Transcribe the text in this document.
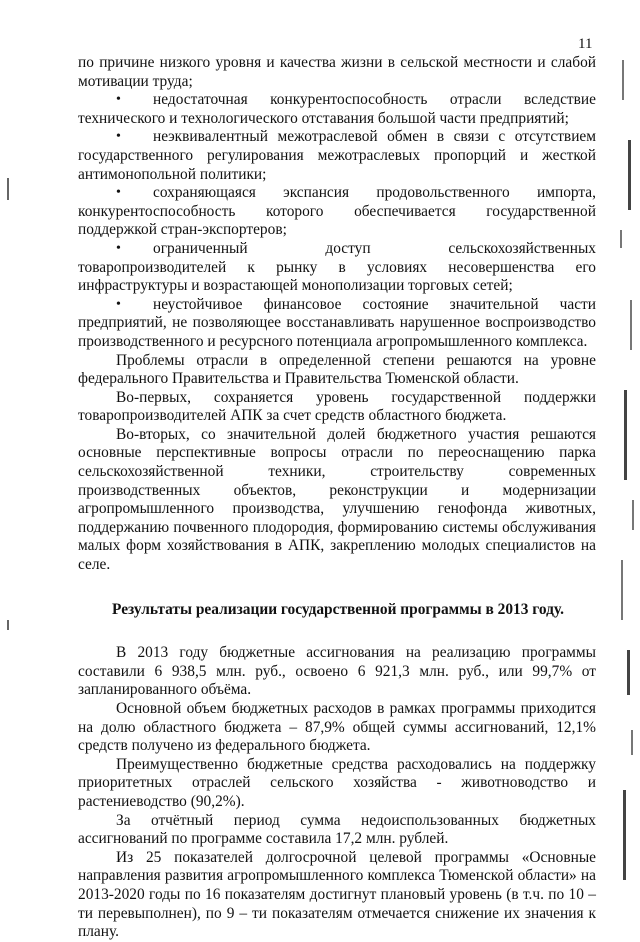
11

по причине низкого уровня и качества жизни в сельской местности и слабой мотивации труда;

• недостаточная конкурентоспособность отрасли вследствие технического и технологического отставания большой части предприятий;

• неэквивалентный межотраслевой обмен в связи с отсутствием государственного регулирования межотраслевых пропорций и жесткой антимонопольной политики;

• сохраняющаяся экспансия продовольственного импорта, конкурентоспособность которого обеспечивается государственной поддержкой стран-экспортеров;

• ограниченный доступ сельскохозяйственных товаропроизводителей к рынку в условиях несовершенства его инфраструктуры и возрастающей монополизации торговых сетей;

• неустойчивое финансовое состояние значительной части предприятий, не позволяющее восстанавливать нарушенное воспроизводство производственного и ресурсного потенциала агропромышленного комплекса.

Проблемы отрасли в определенной степени решаются на уровне федерального Правительства и Правительства Тюменской области.

Во-первых, сохраняется уровень государственной поддержки товаропроизводителей АПК за счет средств областного бюджета.

Во-вторых, со значительной долей бюджетного участия решаются основные перспективные вопросы отрасли по переоснащению парка сельскохозяйственной техники, строительству современных производственных объектов, реконструкции и модернизации агропромышленного производства, улучшению генофонда животных, поддержанию почвенного плодородия, формированию системы обслуживания малых форм хозяйствования в АПК, закреплению молодых специалистов на селе.

Результаты реализации государственной программы в 2013 году.

В 2013 году бюджетные ассигнования на реализацию программы составили 6 938,5 млн. руб., освоено 6 921,3 млн. руб., или 99,7% от запланированного объёма.

Основной объем бюджетных расходов в рамках программы приходится на долю областного бюджета – 87,9% общей суммы ассигнований, 12,1% средств получено из федерального бюджета.

Преимущественно бюджетные средства расходовались на поддержку приоритетных отраслей сельского хозяйства - животноводство и растениеводство (90,2%).

За отчётный период сумма недоиспользованных бюджетных ассигнований по программе составила 17,2 млн. рублей.

Из 25 показателей долгосрочной целевой программы «Основные направления развития агропромышленного комплекса Тюменской области» на 2013-2020 годы по 16 показателям достигнут плановый уровень (в т.ч. по 10 – ти перевыполнен), по 9 – ти показателям отмечается снижение их значения к плану.
